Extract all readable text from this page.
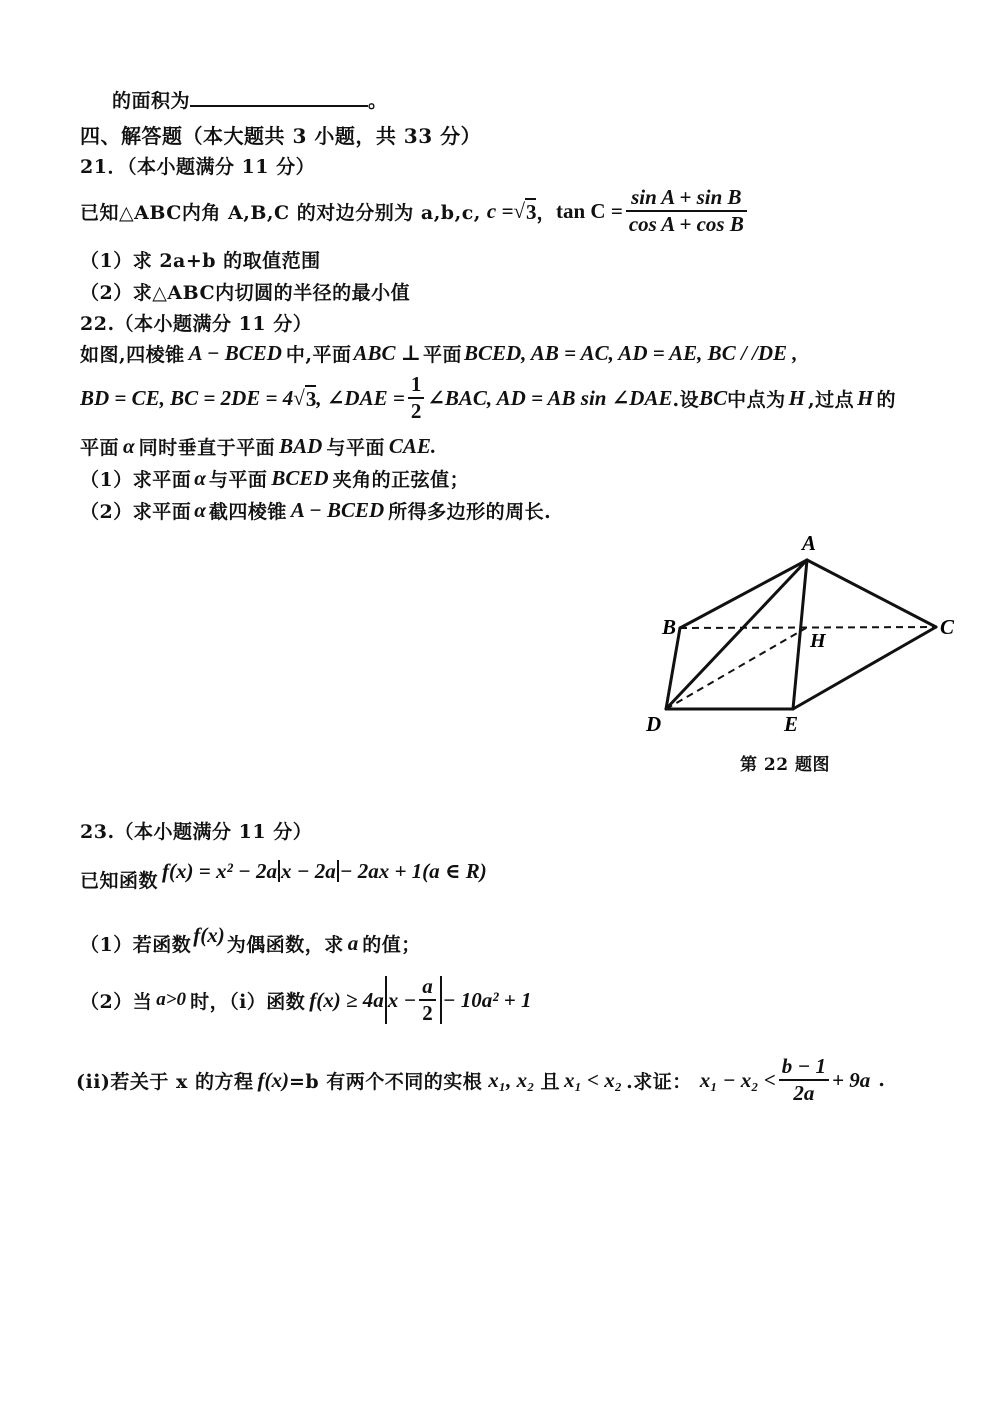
的面积为	。
四、解答题（本大题共 3 小题，共 33 分）
21．（本小题满分 11 分）
已知△ABC内角 A,B,C 的对边分别为 a,b,c, c = √ 3 ， $\tan C = \frac{\text{sin A + sin B}}{\text{cos A + cos B}}$
（1）求 2a+b 的取值范围
（2）求△ABC内切圆的半径的最小值
22.（本小题满分 11 分）
如图,四棱锥 A − BCED 中,平面 ABC ⊥ 平面 BCED, AB = AC, AD = AE, BC / /DE ,
BD = CE, BC = 2DE = 4 √ 3 , ∠DAE = $\frac{1}{2}$ ∠BAC, AD = AB sin ∠DAE .设 BC 中点为 H ,过点 H 的
平面 α 同时垂直于平面 BAD 与平面 CAE.
（1）求平面 α 与平面 BCED 夹角的正弦值；
（2）求平面 α 截四棱锥 A − BCED 所得多边形的周长.
A
B	C
D	E
H
第 22 题图
23.（本小题满分 11 分）
已知函数 f(x) = x² − 2a x − 2a − 2ax + 1(a ∈ R)
（1）若函数 f(x) 为偶函数，求 a 的值；
（2）当 a>0 时，（i）函数 f(x) ≥ 4a $x - \frac{a}{2} - 10a^2 + 1$
(ii)若关于 x 的方程 f(x) =b 有两个不同的实根 x₁, x₂ 且 x₁ < x₂ .求证： $x_1 - x_2 < \frac{b - 1}{2a} + 9a$ .
